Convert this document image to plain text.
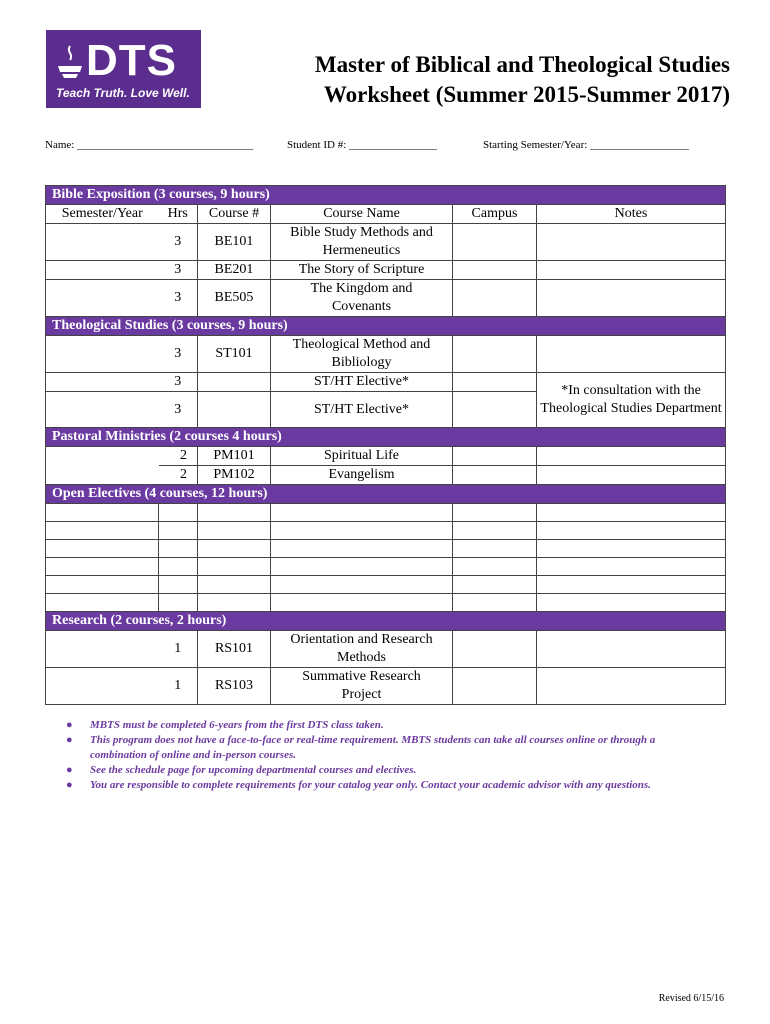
DTS
Teach Truth. Love Well.
Master of Biblical and Theological Studies
Worksheet (Summer 2015-Summer 2017)
Name: ________________________________	Student ID #: ________________	Starting Semester/Year: __________________
Bible Exposition (3 courses, 9 hours)					
Semester/Year	Hrs	Course #	Course Name	Campus	Notes
	3	BE101	Bible Study Methods and
Hermeneutics		
	3	BE201	The Story of Scripture		
	3	BE505	The Kingdom and
Covenants		
Theological Studies (3 courses, 9 hours)					
	3	ST101	Theological Method and
Bibliology		
	3		ST/HT Elective*		*In consultation with the Theological Studies Department
	3		ST/HT Elective*		
Pastoral Ministries (2 courses 4 hours)					
	2	PM101	Spiritual Life		
	2	PM102	Evangelism		
Open Electives (4 courses, 12 hours)					

Research (2 courses, 2 hours)					
	1	RS101	Orientation and Research
Methods		
	1	RS103	Summative Research
Project		
● MBTS must be completed 6-years from the first DTS class taken.
● This program does not have a face-to-face or real-time requirement. MBTS students can take all courses online or through a combination of online and in-person courses.
● See the schedule page for upcoming departmental courses and electives.
● You are responsible to complete requirements for your catalog year only. Contact your academic advisor with any questions.
Revised 6/15/16
